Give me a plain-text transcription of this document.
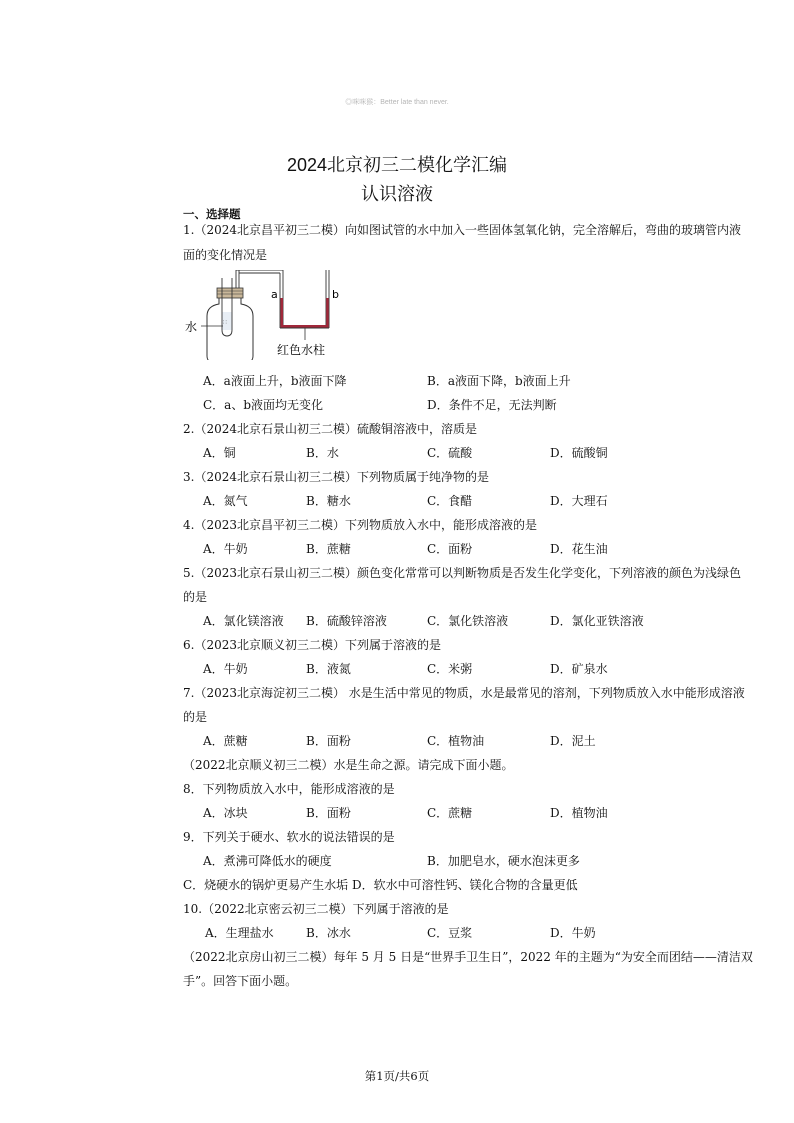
◎咪咪猴：Better late than never.
2024北京初三二模化学汇编
认识溶液
一、选择题
1.（2024北京昌平初三二模）向如图试管的水中加入一些固体氢氧化钠，完全溶解后，弯曲的玻璃管内液
面的变化情况是
∷
水
a	b
红色水柱
A．a液面上升，b液面下降	B．a液面下降，b液面上升
C．a、b液面均无变化	D．条件不足，无法判断
2.（2024北京石景山初三二模）硫酸铜溶液中，溶质是
A．铜	B．水	C．硫酸	D．硫酸铜
3.（2024北京石景山初三二模）下列物质属于纯净物的是
A．氮气	B．糖水	C．食醋	D．大理石
4.（2023北京昌平初三二模）下列物质放入水中，能形成溶液的是
A．牛奶	B．蔗糖	C．面粉	D．花生油
5.（2023北京石景山初三二模）颜色变化常常可以判断物质是否发生化学变化，下列溶液的颜色为浅绿色
的是
A．氯化镁溶液 B．硫酸锌溶液	C．氯化铁溶液	D．氯化亚铁溶液
6.（2023北京顺义初三二模）下列属于溶液的是
A．牛奶	B．液氮	C．米粥	D．矿泉水
7.（2023北京海淀初三二模） 水是生活中常见的物质，水是最常见的溶剂，下列物质放入水中能形成溶液
的是
A．蔗糖	B．面粉	C．植物油	D．泥土
（2022北京顺义初三二模）水是生命之源。请完成下面小题。
8．下列物质放入水中，能形成溶液的是
A．冰块	B．面粉	C．蔗糖	D．植物油
9．下列关于硬水、软水的说法错误的是
A．煮沸可降低水的硬度	B．加肥皂水，硬水泡沫更多
C．烧硬水的锅炉更易产生水垢 D．软水中可溶性钙、镁化合物的含量更低
10.（2022北京密云初三二模）下列属于溶液的是
A．生理盐水	B．冰水	C．豆浆	D．牛奶
（2022北京房山初三二模）每年 5 月 5 日是“世界手卫生日”，2022 年的主题为“为安全而团结——清洁双
手”。回答下面小题。
第1页/共6页
